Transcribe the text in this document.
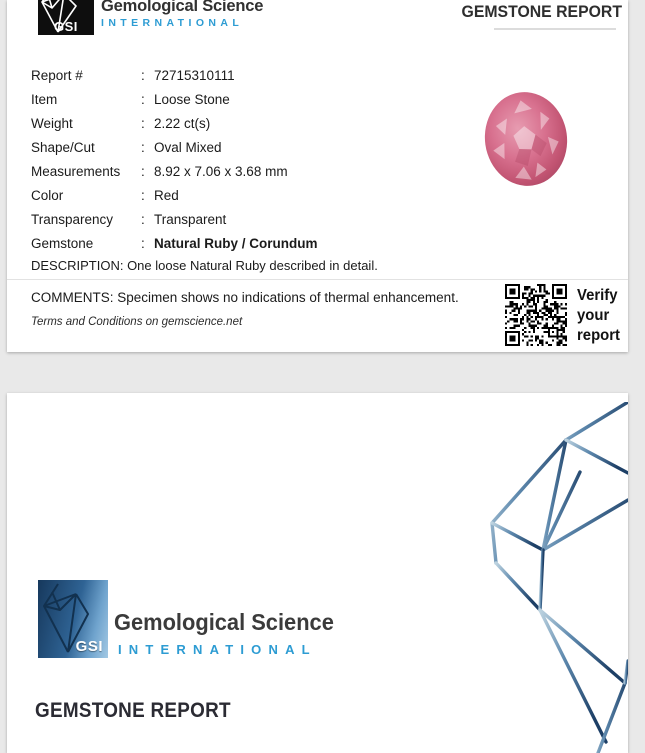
GSI
Gemological Science
INTERNATIONAL
GEMSTONE REPORT
Report #	: 72715310111
Item	: Loose Stone
Weight	: 2.22 ct(s)
Shape/Cut	: Oval Mixed
Measurements	: 8.92 x 7.06 x 3.68 mm
Color	: Red
Transparency	: Transparent
Gemstone	: Natural Ruby / Corundum
DESCRIPTION: One loose Natural Ruby described in detail.
COMMENTS: Specimen shows no indications of thermal enhancement.
Terms and Conditions on gemscience.net
Verify
your
report
GSI
Gemological Science
INTERNATIONAL
GEMSTONE REPORT
